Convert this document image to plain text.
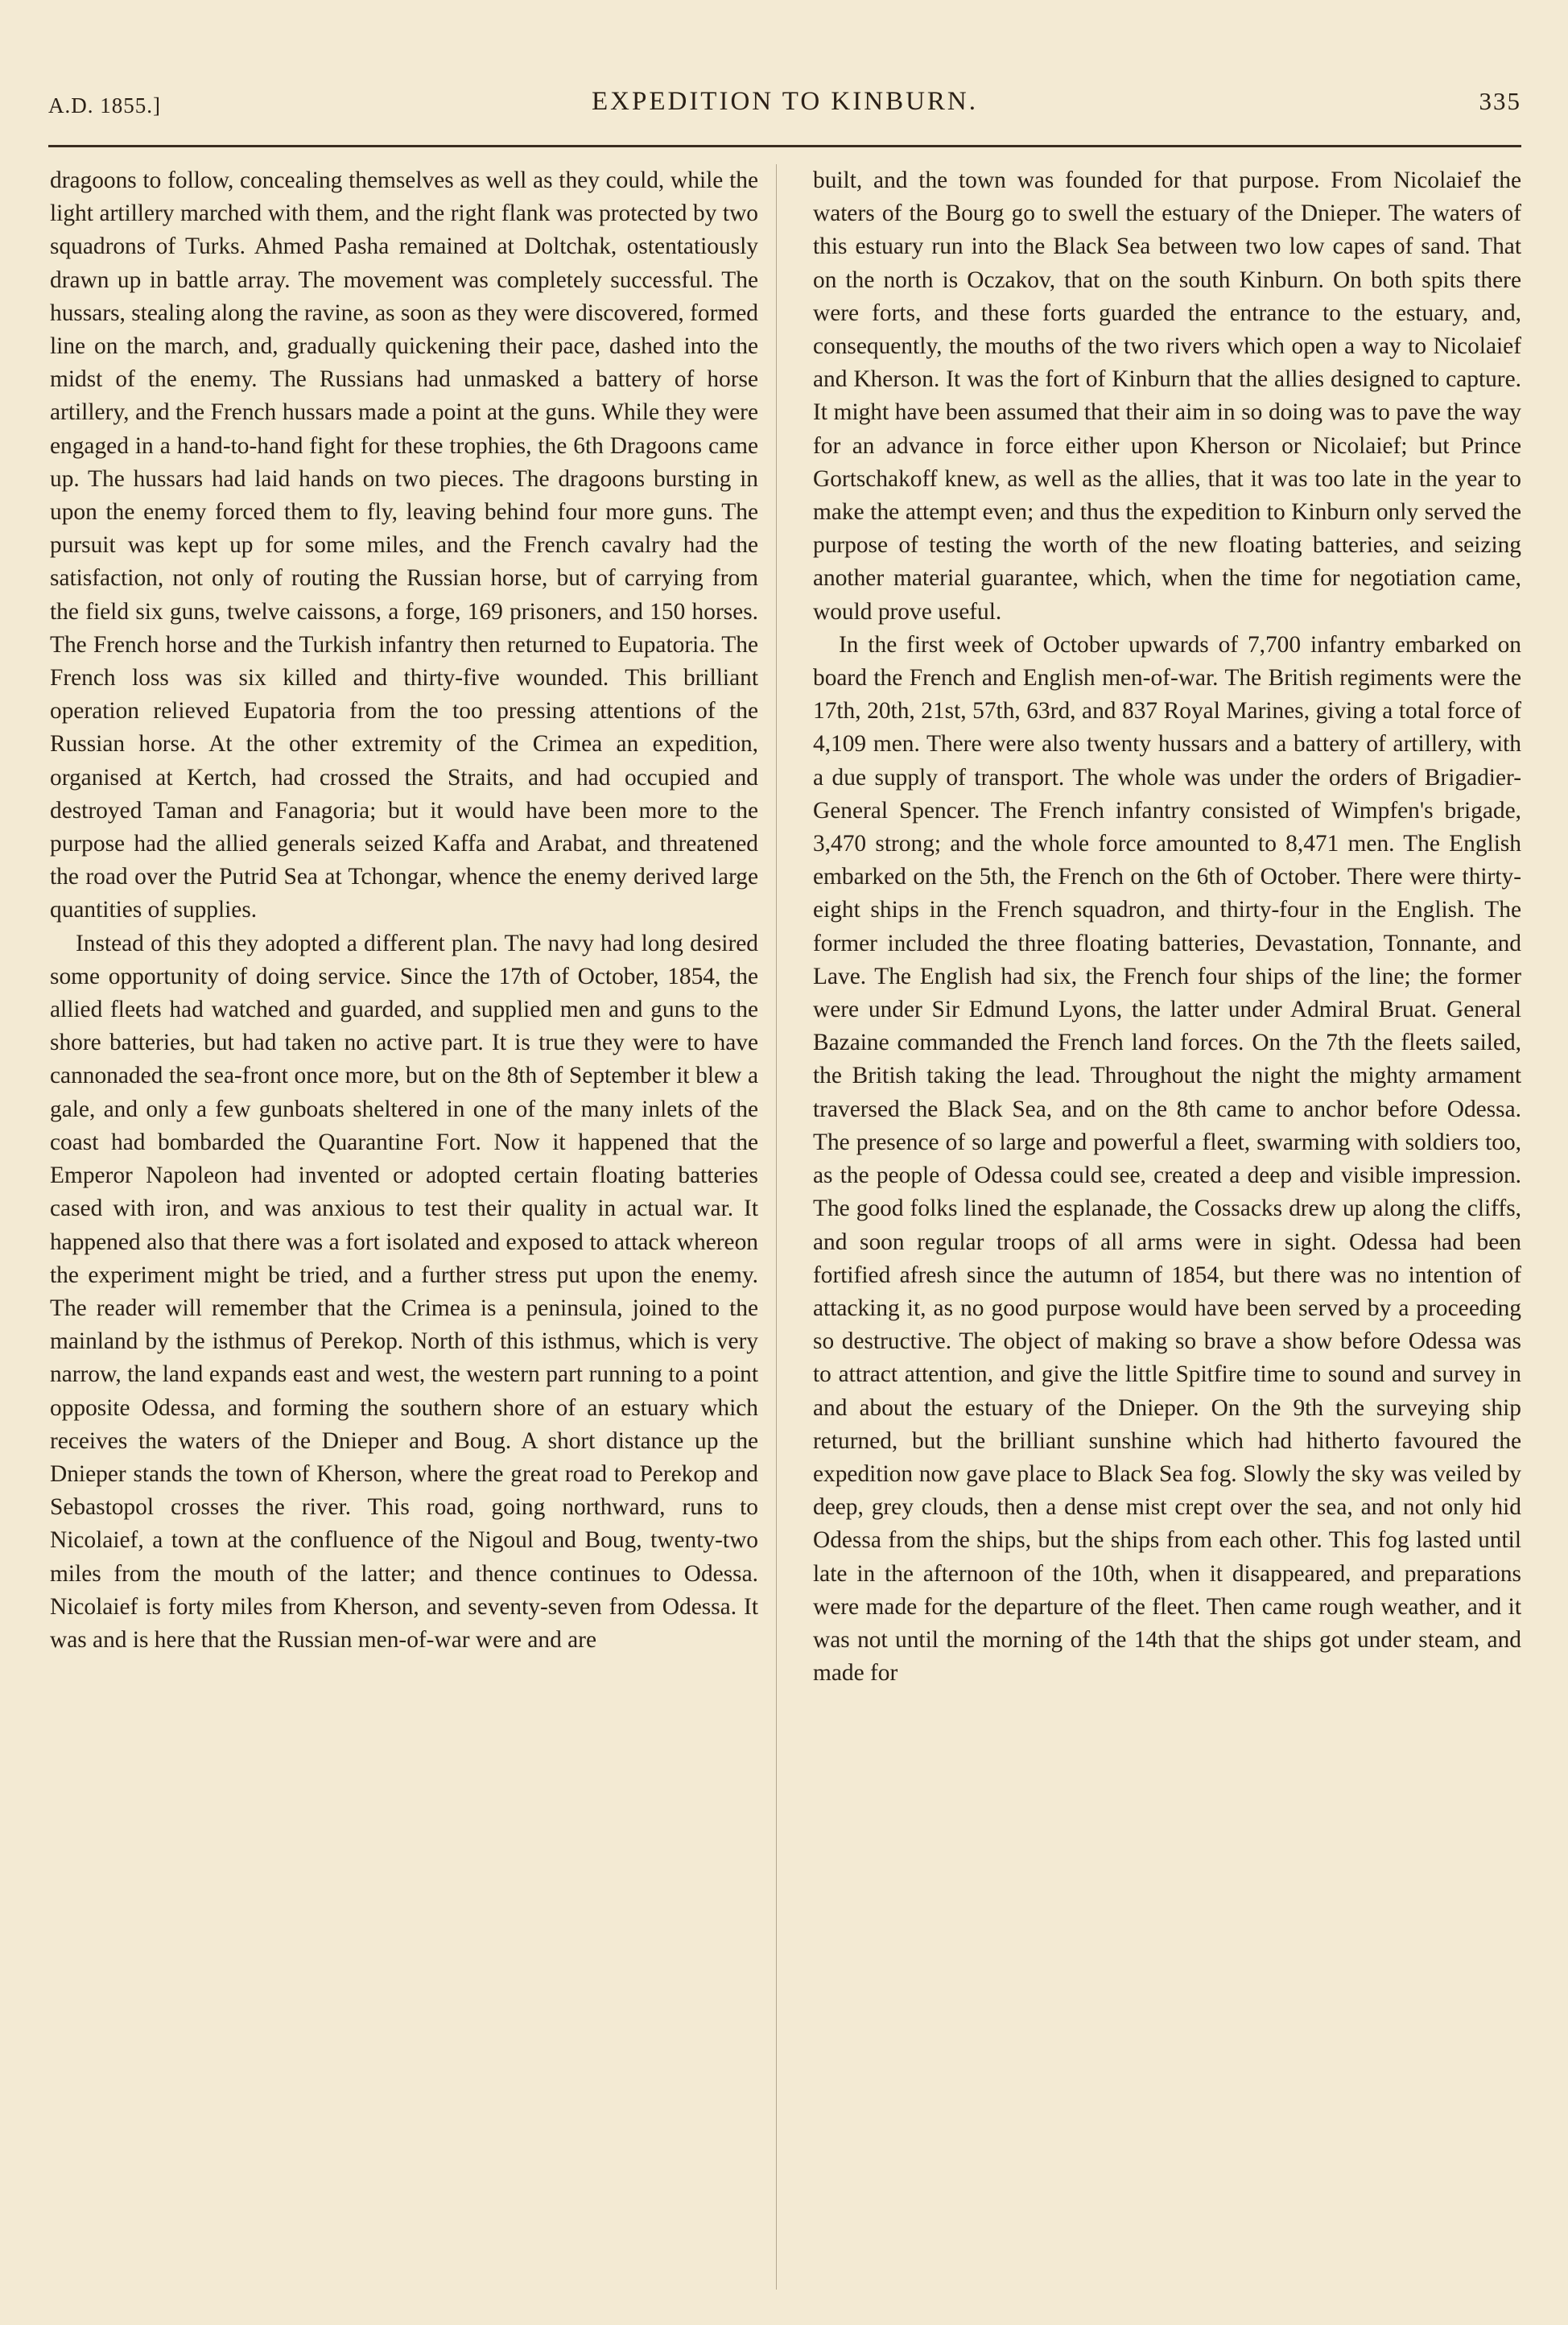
A.D. 1855.]	EXPEDITION TO KINBURN.	335

dragoons to follow, concealing themselves as well as they could, while the light artillery marched with them, and the right flank was protected by two squadrons of Turks. Ahmed Pasha remained at Doltchak, ostentatiously drawn up in battle array. The movement was completely successful. The hussars, stealing along the ravine, as soon as they were discovered, formed line on the march, and, gradually quickening their pace, dashed into the midst of the enemy. The Russians had unmasked a battery of horse artillery, and the French hussars made a point at the guns. While they were engaged in a hand-to-hand fight for these trophies, the 6th Dragoons came up. The hussars had laid hands on two pieces. The dragoons bursting in upon the enemy forced them to fly, leaving behind four more guns. The pursuit was kept up for some miles, and the French cavalry had the satisfaction, not only of routing the Russian horse, but of carrying from the field six guns, twelve caissons, a forge, 169 prisoners, and 150 horses. The French horse and the Turkish infantry then returned to Eupatoria. The French loss was six killed and thirty-five wounded. This brilliant operation relieved Eupatoria from the too pressing attentions of the Russian horse. At the other extremity of the Crimea an expedition, organised at Kertch, had crossed the Straits, and had occupied and destroyed Taman and Fanagoria; but it would have been more to the purpose had the allied generals seized Kaffa and Arabat, and threatened the road over the Putrid Sea at Tchongar, whence the enemy derived large quantities of supplies.

Instead of this they adopted a different plan. The navy had long desired some opportunity of doing service. Since the 17th of October, 1854, the allied fleets had watched and guarded, and supplied men and guns to the shore batteries, but had taken no active part. It is true they were to have cannonaded the sea-front once more, but on the 8th of September it blew a gale, and only a few gunboats sheltered in one of the many inlets of the coast had bombarded the Quarantine Fort. Now it happened that the Emperor Napoleon had invented or adopted certain floating batteries cased with iron, and was anxious to test their quality in actual war. It happened also that there was a fort isolated and exposed to attack whereon the experiment might be tried, and a further stress put upon the enemy. The reader will remember that the Crimea is a peninsula, joined to the mainland by the isthmus of Perekop. North of this isthmus, which is very narrow, the land expands east and west, the western part running to a point opposite Odessa, and forming the southern shore of an estuary which receives the waters of the Dnieper and Boug. A short distance up the Dnieper stands the town of Kherson, where the great road to Perekop and Sebastopol crosses the river. This road, going northward, runs to Nicolaief, a town at the confluence of the Nigoul and Boug, twenty-two miles from the mouth of the latter; and thence continues to Odessa. Nicolaief is forty miles from Kherson, and seventy-seven from Odessa. It was and is here that the Russian men-of-war were and are

built, and the town was founded for that purpose. From Nicolaief the waters of the Bourg go to swell the estuary of the Dnieper. The waters of this estuary run into the Black Sea between two low capes of sand. That on the north is Oczakov, that on the south Kinburn. On both spits there were forts, and these forts guarded the entrance to the estuary, and, consequently, the mouths of the two rivers which open a way to Nicolaief and Kherson. It was the fort of Kinburn that the allies designed to capture. It might have been assumed that their aim in so doing was to pave the way for an advance in force either upon Kherson or Nicolaief; but Prince Gortschakoff knew, as well as the allies, that it was too late in the year to make the attempt even; and thus the expedition to Kinburn only served the purpose of testing the worth of the new floating batteries, and seizing another material guarantee, which, when the time for negotiation came, would prove useful.

In the first week of October upwards of 7,700 infantry embarked on board the French and English men-of-war. The British regiments were the 17th, 20th, 21st, 57th, 63rd, and 837 Royal Marines, giving a total force of 4,109 men. There were also twenty hussars and a battery of artillery, with a due supply of transport. The whole was under the orders of Brigadier-General Spencer. The French infantry consisted of Wimpfen's brigade, 3,470 strong; and the whole force amounted to 8,471 men. The English embarked on the 5th, the French on the 6th of October. There were thirty-eight ships in the French squadron, and thirty-four in the English. The former included the three floating batteries, Devastation, Tonnante, and Lave. The English had six, the French four ships of the line; the former were under Sir Edmund Lyons, the latter under Admiral Bruat. General Bazaine commanded the French land forces. On the 7th the fleets sailed, the British taking the lead. Throughout the night the mighty armament traversed the Black Sea, and on the 8th came to anchor before Odessa. The presence of so large and powerful a fleet, swarming with soldiers too, as the people of Odessa could see, created a deep and visible impression. The good folks lined the esplanade, the Cossacks drew up along the cliffs, and soon regular troops of all arms were in sight. Odessa had been fortified afresh since the autumn of 1854, but there was no intention of attacking it, as no good purpose would have been served by a proceeding so destructive. The object of making so brave a show before Odessa was to attract attention, and give the little Spitfire time to sound and survey in and about the estuary of the Dnieper. On the 9th the surveying ship returned, but the brilliant sunshine which had hitherto favoured the expedition now gave place to Black Sea fog. Slowly the sky was veiled by deep, grey clouds, then a dense mist crept over the sea, and not only hid Odessa from the ships, but the ships from each other. This fog lasted until late in the afternoon of the 10th, when it disappeared, and preparations were made for the departure of the fleet. Then came rough weather, and it was not until the morning of the 14th that the ships got under steam, and made for
